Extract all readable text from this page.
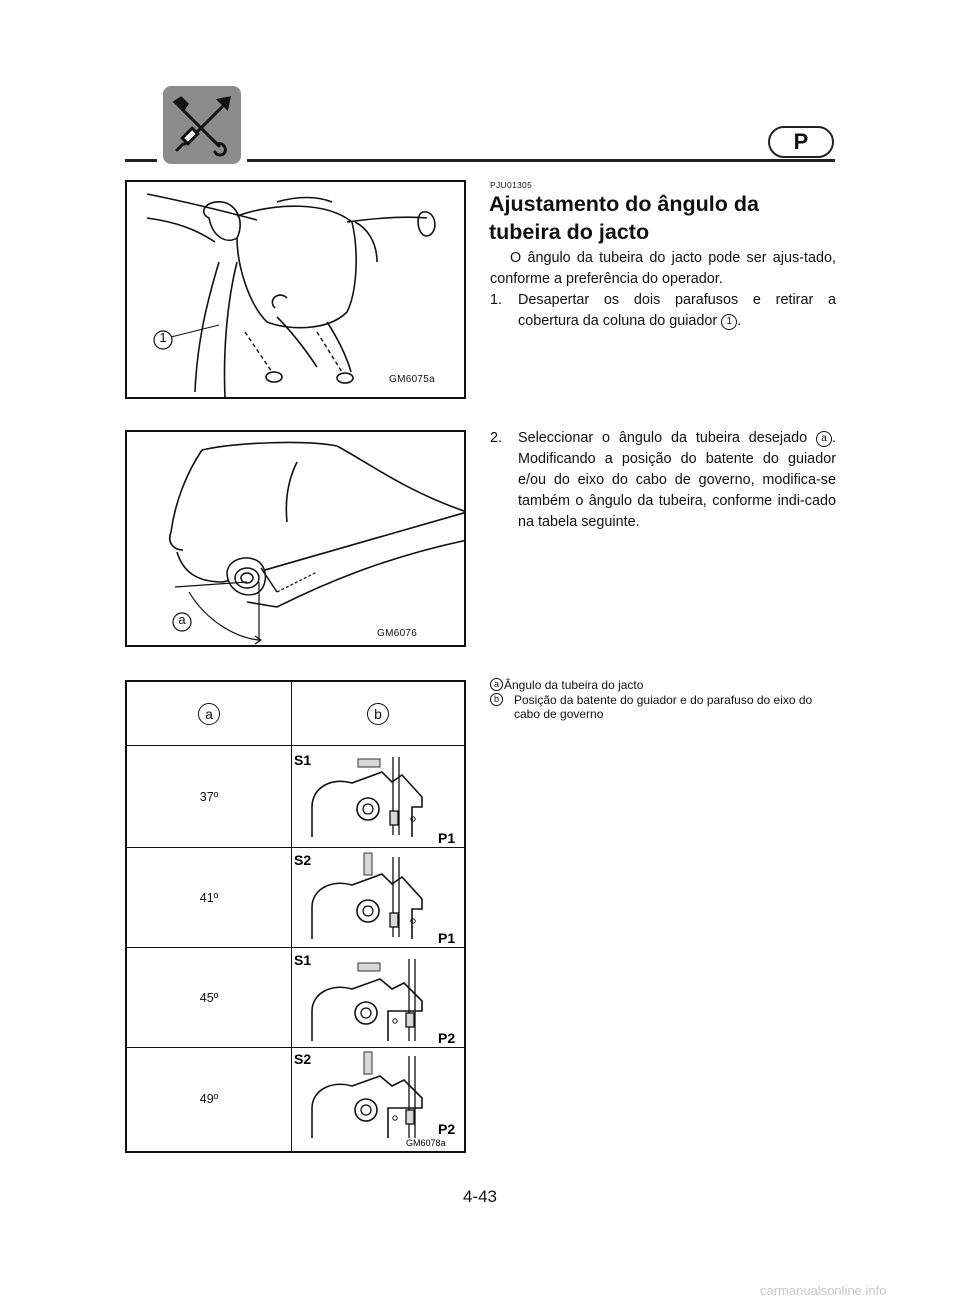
P
1
GM6075a
a
GM6076
PJU01305
Ajustamento do ângulo da
tubeira do jacto
O ângulo da tubeira do jacto pode ser ajus-tado, conforme a preferência do operador.
1. Desapertar os dois parafusos e retirar a cobertura da coluna do guiador 1 .
2. Seleccionar o ângulo da tubeira desejado a . Modificando a posição do batente do guiador e/ou do eixo do cabo de governo, modifica-se também o ângulo da tubeira, conforme indi-cado na tabela seguinte.
a Ângulo da tubeira do jacto
b	Posição da batente do guiador e do parafuso do eixo do cabo de governo
a	b
37º	S1
P1

41º	S2
P1

45º	S1
P2

49º	S2
P2
GM6078a
4-43
carmanualsonline.info
